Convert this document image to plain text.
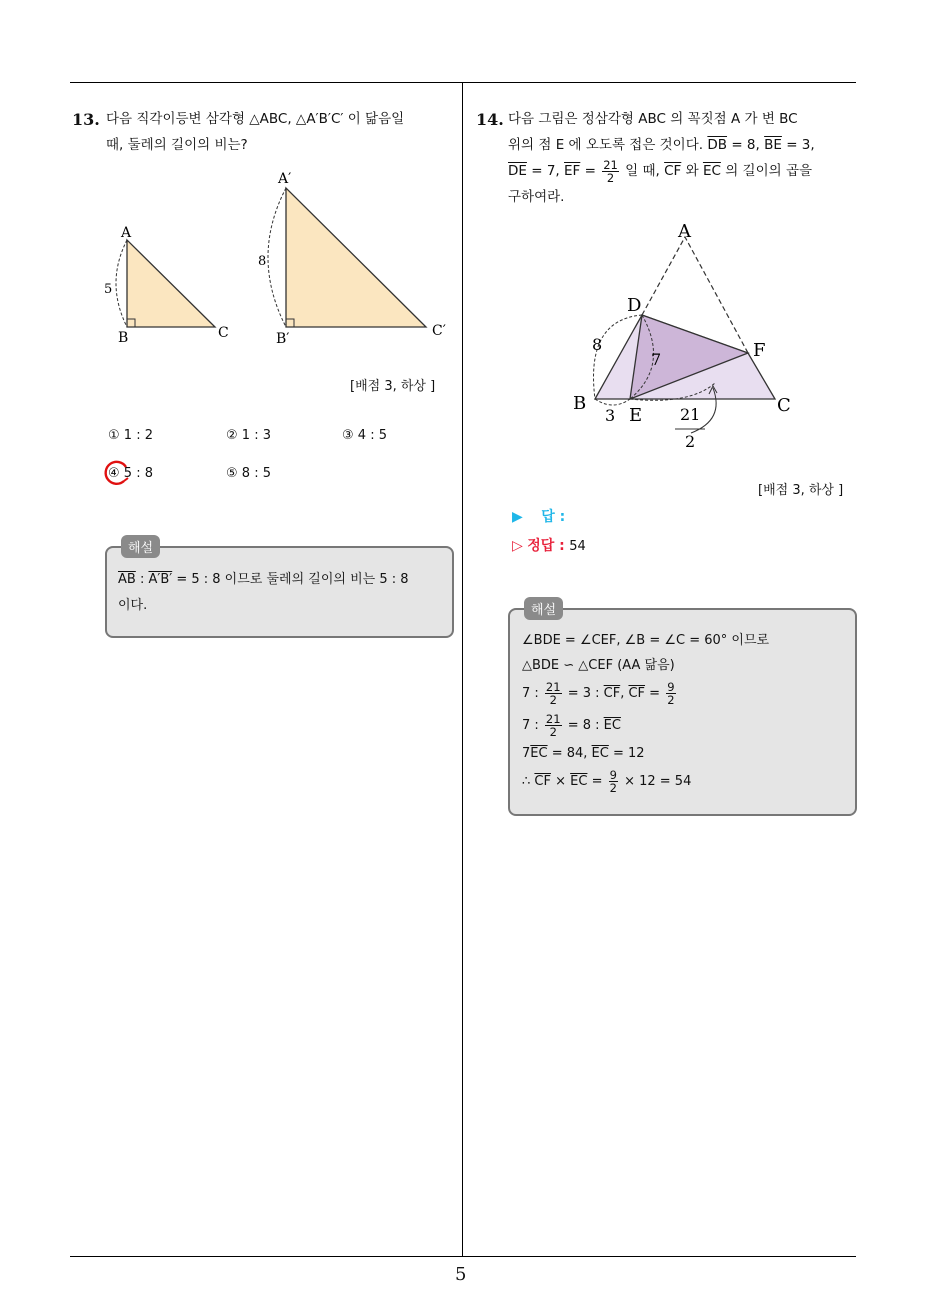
5
13. 다음 직각이등변 삼각형 △ABC, △A′B′C′ 이 닮음일
때, 둘레의 길이의 비는?
A
B	C
5
A′
B′	C′
8
[배점 3, 하상 ]
① 1 : 2	② 1 : 3	③ 4 : 5
④ 5 : 8	⑤ 8 : 5
해설
$\overline{AB}$ : A′B′ = 5 : 8 이므로 둘레의 길이의 비는 5 : 8
이다.
14. 다음 그림은 정삼각형 ABC 의 꼭짓점 A 가 변 BC
위의 점 E 에 오도록 접은 것이다. $\overline{DB} = 8$, $\overline{BE} = 3$,
$\overline{DE} = 7$, $\overline{EF} = \frac{21}{2}$ 일 때, $\overline{CF}$ 와 $\overline{EC}$ 의 길이의 곱을
구하여라.
A
D
F
B
E	C
8
3
7
21
2
[배점 3, 하상 ]
▶ 답 :
▷ 정답 : 54
해설
∠BDE = ∠CEF, ∠B = ∠C = 60° 이므로
△BDE ∽ △CEF (AA 닮음)
7 : $\frac{21}{2} = 3$ : $\overline{CF}$, $\overline{CF} = \frac{9}{2}$
7 : $\frac{21}{2} = 8$ : $\overline{EC}$
$7\overline{EC} = 84$, $\overline{EC} = 12$
∴ $\overline{CF} \times \overline{EC} = \frac{9}{2} \times 12 = 54$
